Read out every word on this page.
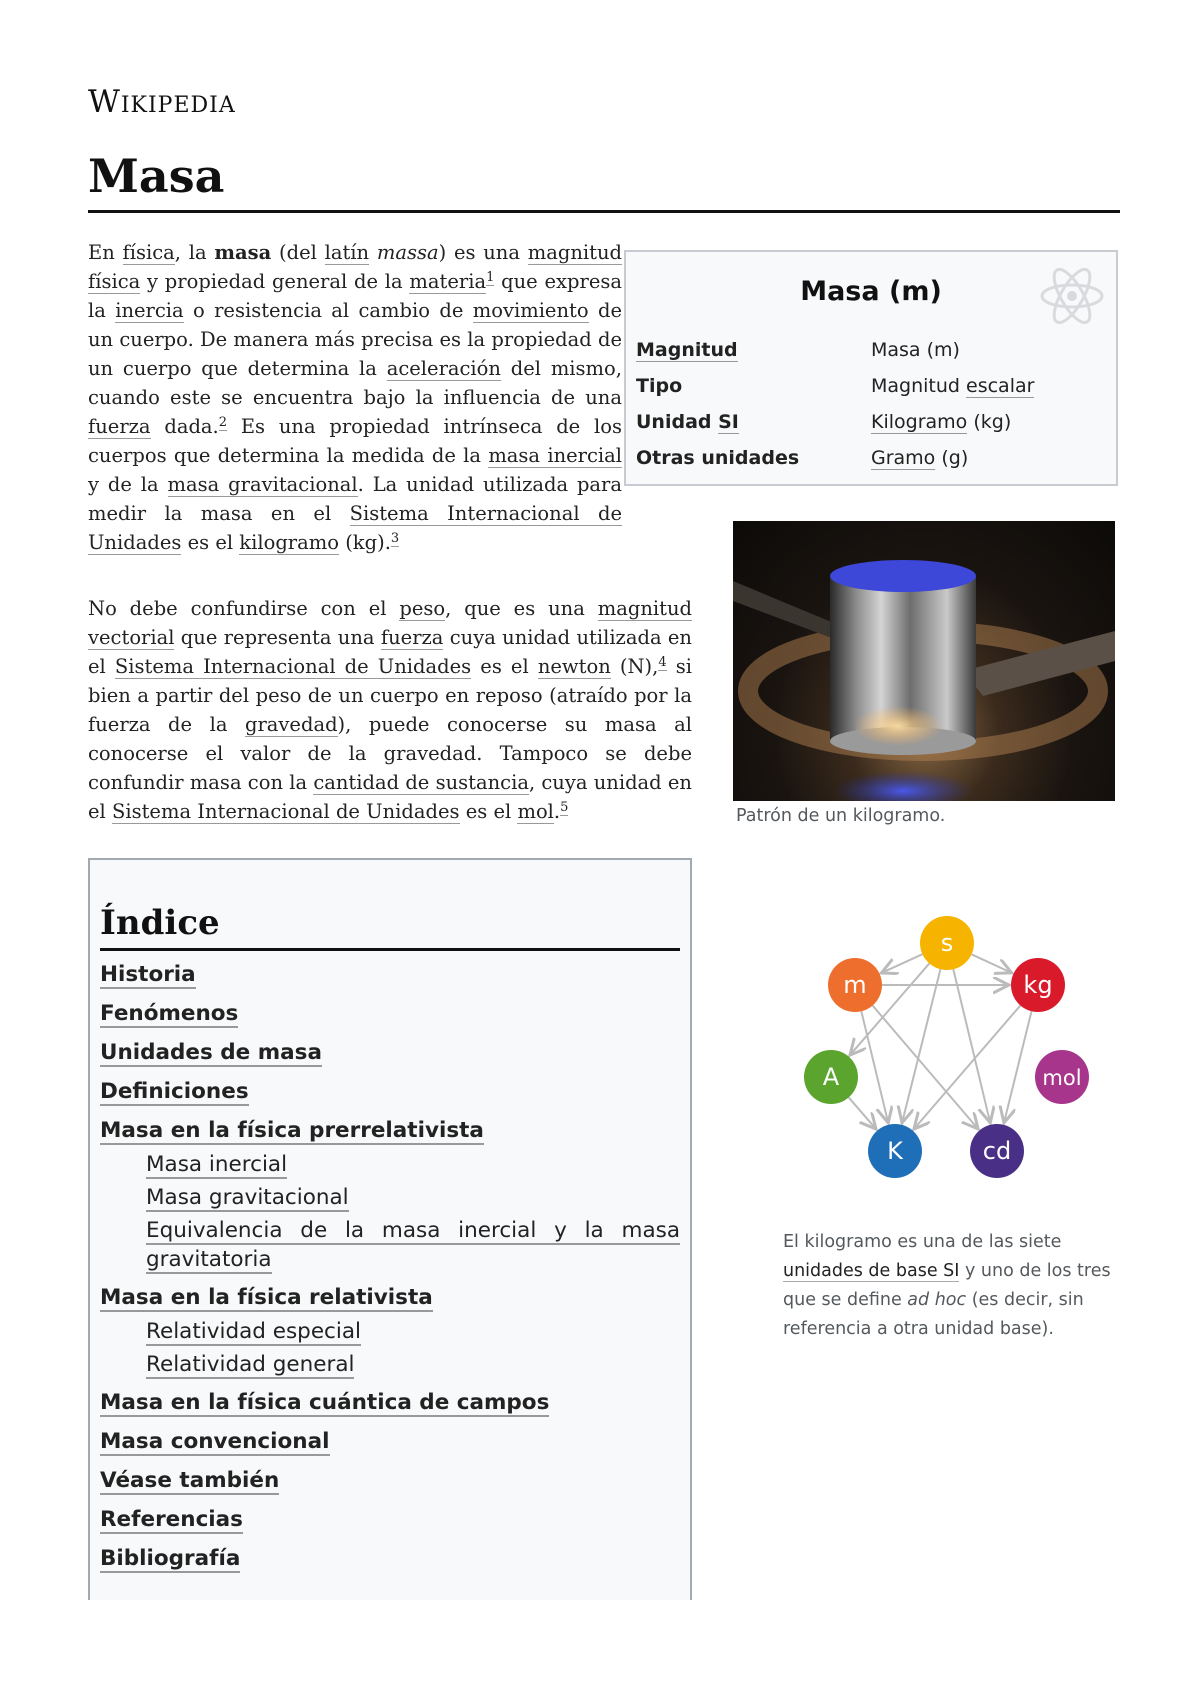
Wikipedia
Masa
Masa (m)
Magnitud	Masa (m)
Tipo	Magnitud escalar
Unidad SI	Kilogramo (kg)
Otras unidades	Gramo (g)

En física, la masa (del latín massa) es una magnitud física y propiedad general de la materia$^1$ que expresa la inercia o resistencia al cambio de movimiento de un cuerpo. De manera más precisa es la propiedad de un cuerpo que determina la aceleración del mismo, cuando este se encuentra bajo la influencia de una fuerza dada.$^2$ Es una propiedad intrínseca de los cuerpos que determina la medida de la masa inercial y de la masa gravitacional. La unidad utilizada para medir la masa en el Sistema Internacional de Unidades es el kilogramo (kg).$^3$

No debe confundirse con el peso, que es una magnitud vectorial que representa una fuerza cuya unidad utilizada en el Sistema Internacional de Unidades es el newton (N),$^4$ si bien a partir del peso de un cuerpo en reposo (atraído por la fuerza de la gravedad), puede conocerse su masa al conocerse el valor de la gravedad. Tampoco se debe confundir masa con la cantidad de sustancia, cuya unidad en el Sistema Internacional de Unidades es el mol.$^5$	Patrón de un kilogramo.

s
m	kg
A	mol
K	cd

El kilogramo es una de las siete unidades de base SI y uno de los tres que se define ad hoc (es decir, sin referencia a otra unidad base).

Índice
Historia
Fenómenos
Unidades de masa
Definiciones
Masa en la física prerrelativista
Masa inercial
Masa gravitacional
Equivalencia de la masa inercial y la masa gravitatoria
Masa en la física relativista
Relatividad especial
Relatividad general
Masa en la física cuántica de campos
Masa convencional
Véase también
Referencias
Bibliografía
